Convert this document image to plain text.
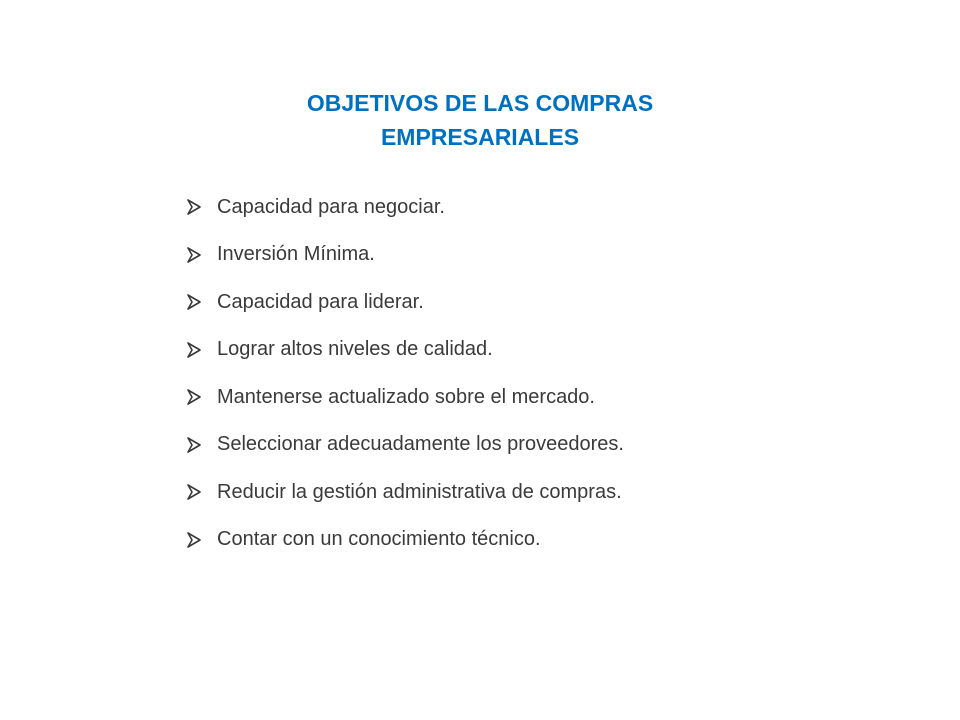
OBJETIVOS DE LAS COMPRAS
EMPRESARIALES
Capacidad para negociar.
Inversión Mínima.
Capacidad para liderar.
Lograr altos niveles de calidad.
Mantenerse actualizado sobre el mercado.
Seleccionar adecuadamente los proveedores.
Reducir la gestión administrativa de compras.
Contar con un conocimiento técnico.
